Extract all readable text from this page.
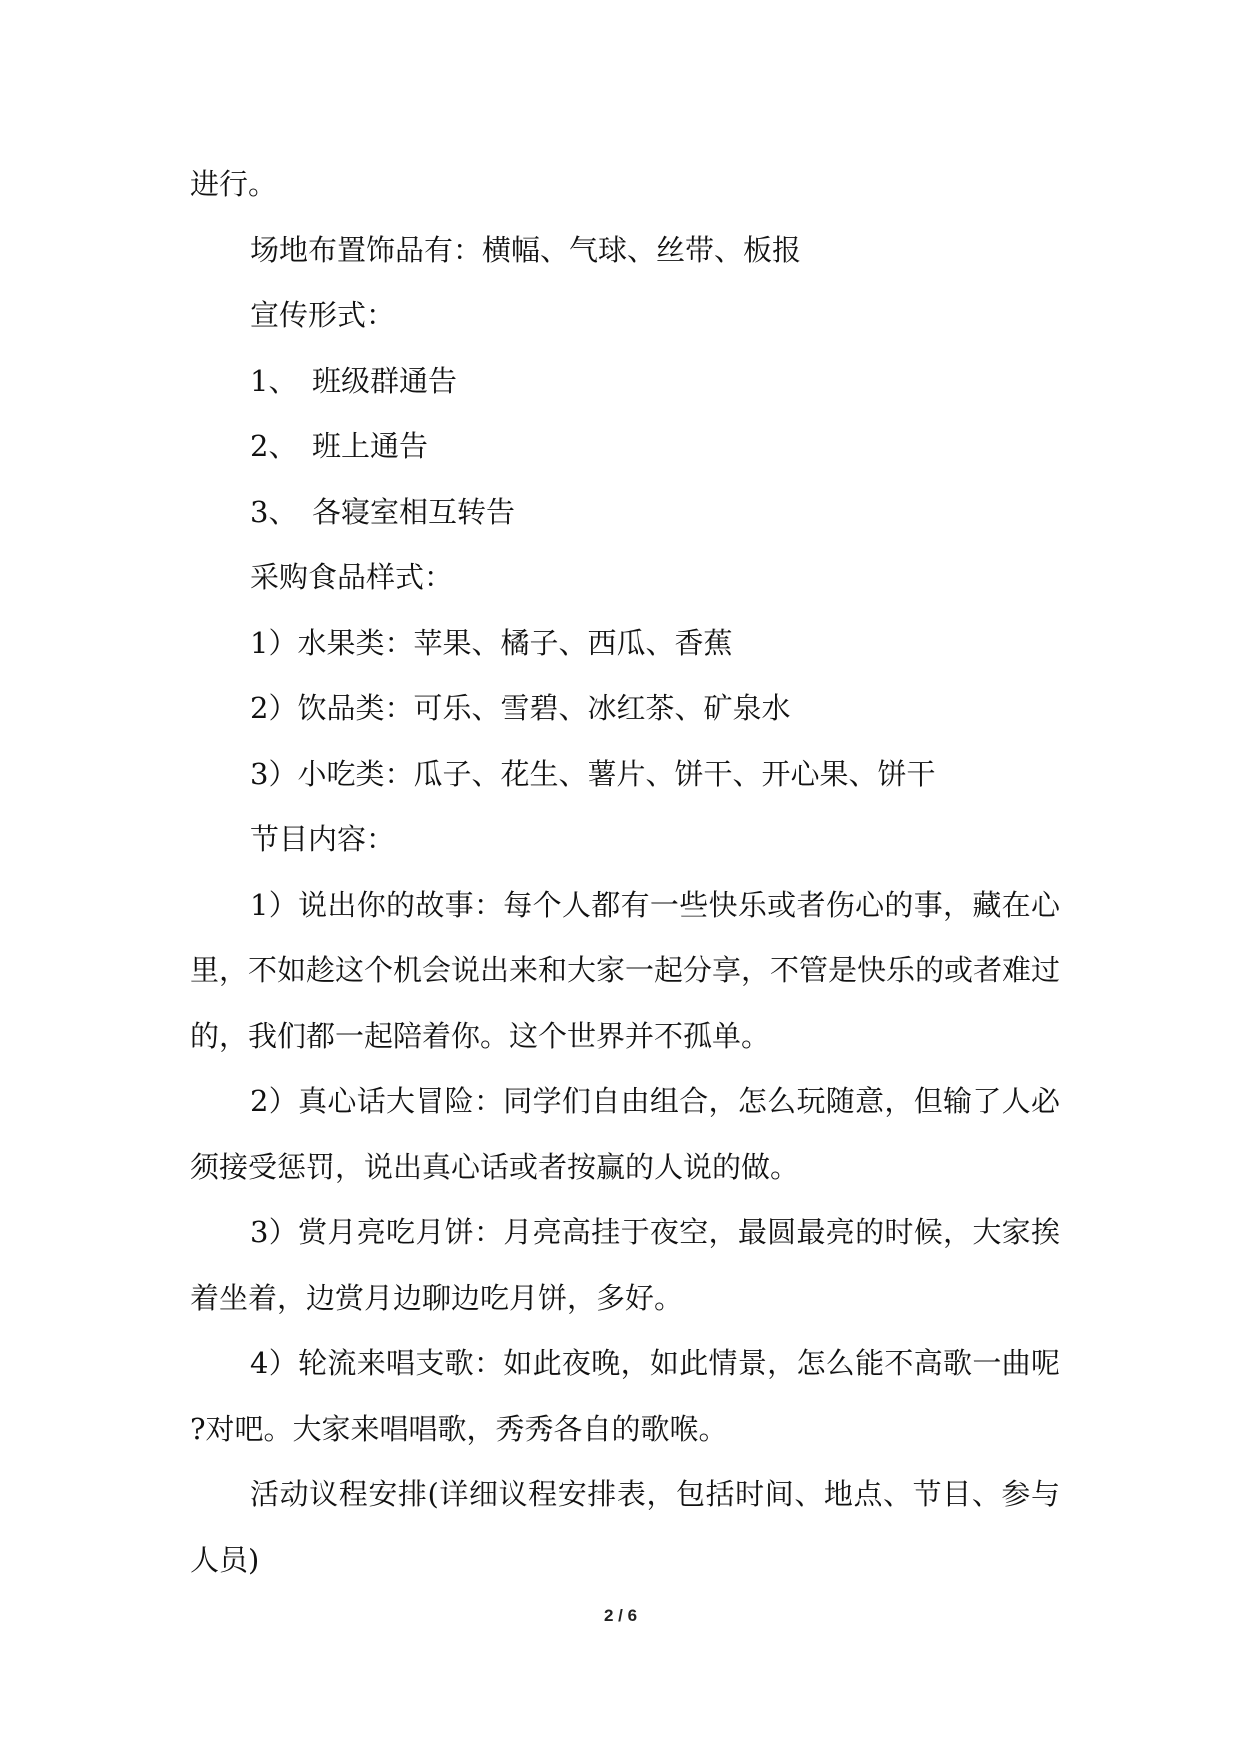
进行。

场地布置饰品有：横幅、气球、丝带、板报

宣传形式：

1、 班级群通告

2、 班上通告

3、 各寝室相互转告

采购食品样式：

1）水果类：苹果、橘子、西瓜、香蕉

2）饮品类：可乐、雪碧、冰红茶、矿泉水

3）小吃类：瓜子、花生、薯片、饼干、开心果、饼干

节目内容：

1）说出你的故事：每个人都有一些快乐或者伤心的事，藏在心里，不如趁这个机会说出来和大家一起分享，不管是快乐的或者难过的，我们都一起陪着你。这个世界并不孤单。

2）真心话大冒险：同学们自由组合，怎么玩随意，但输了人必须接受惩罚，说出真心话或者按赢的人说的做。

3）赏月亮吃月饼：月亮高挂于夜空，最圆最亮的时候，大家挨着坐着，边赏月边聊边吃月饼，多好。

4）轮流来唱支歌：如此夜晚，如此情景，怎么能不高歌一曲呢?对吧。大家来唱唱歌，秀秀各自的歌喉。

活动议程安排(详细议程安排表，包括时间、地点、节目、参与人员)

2 / 6
